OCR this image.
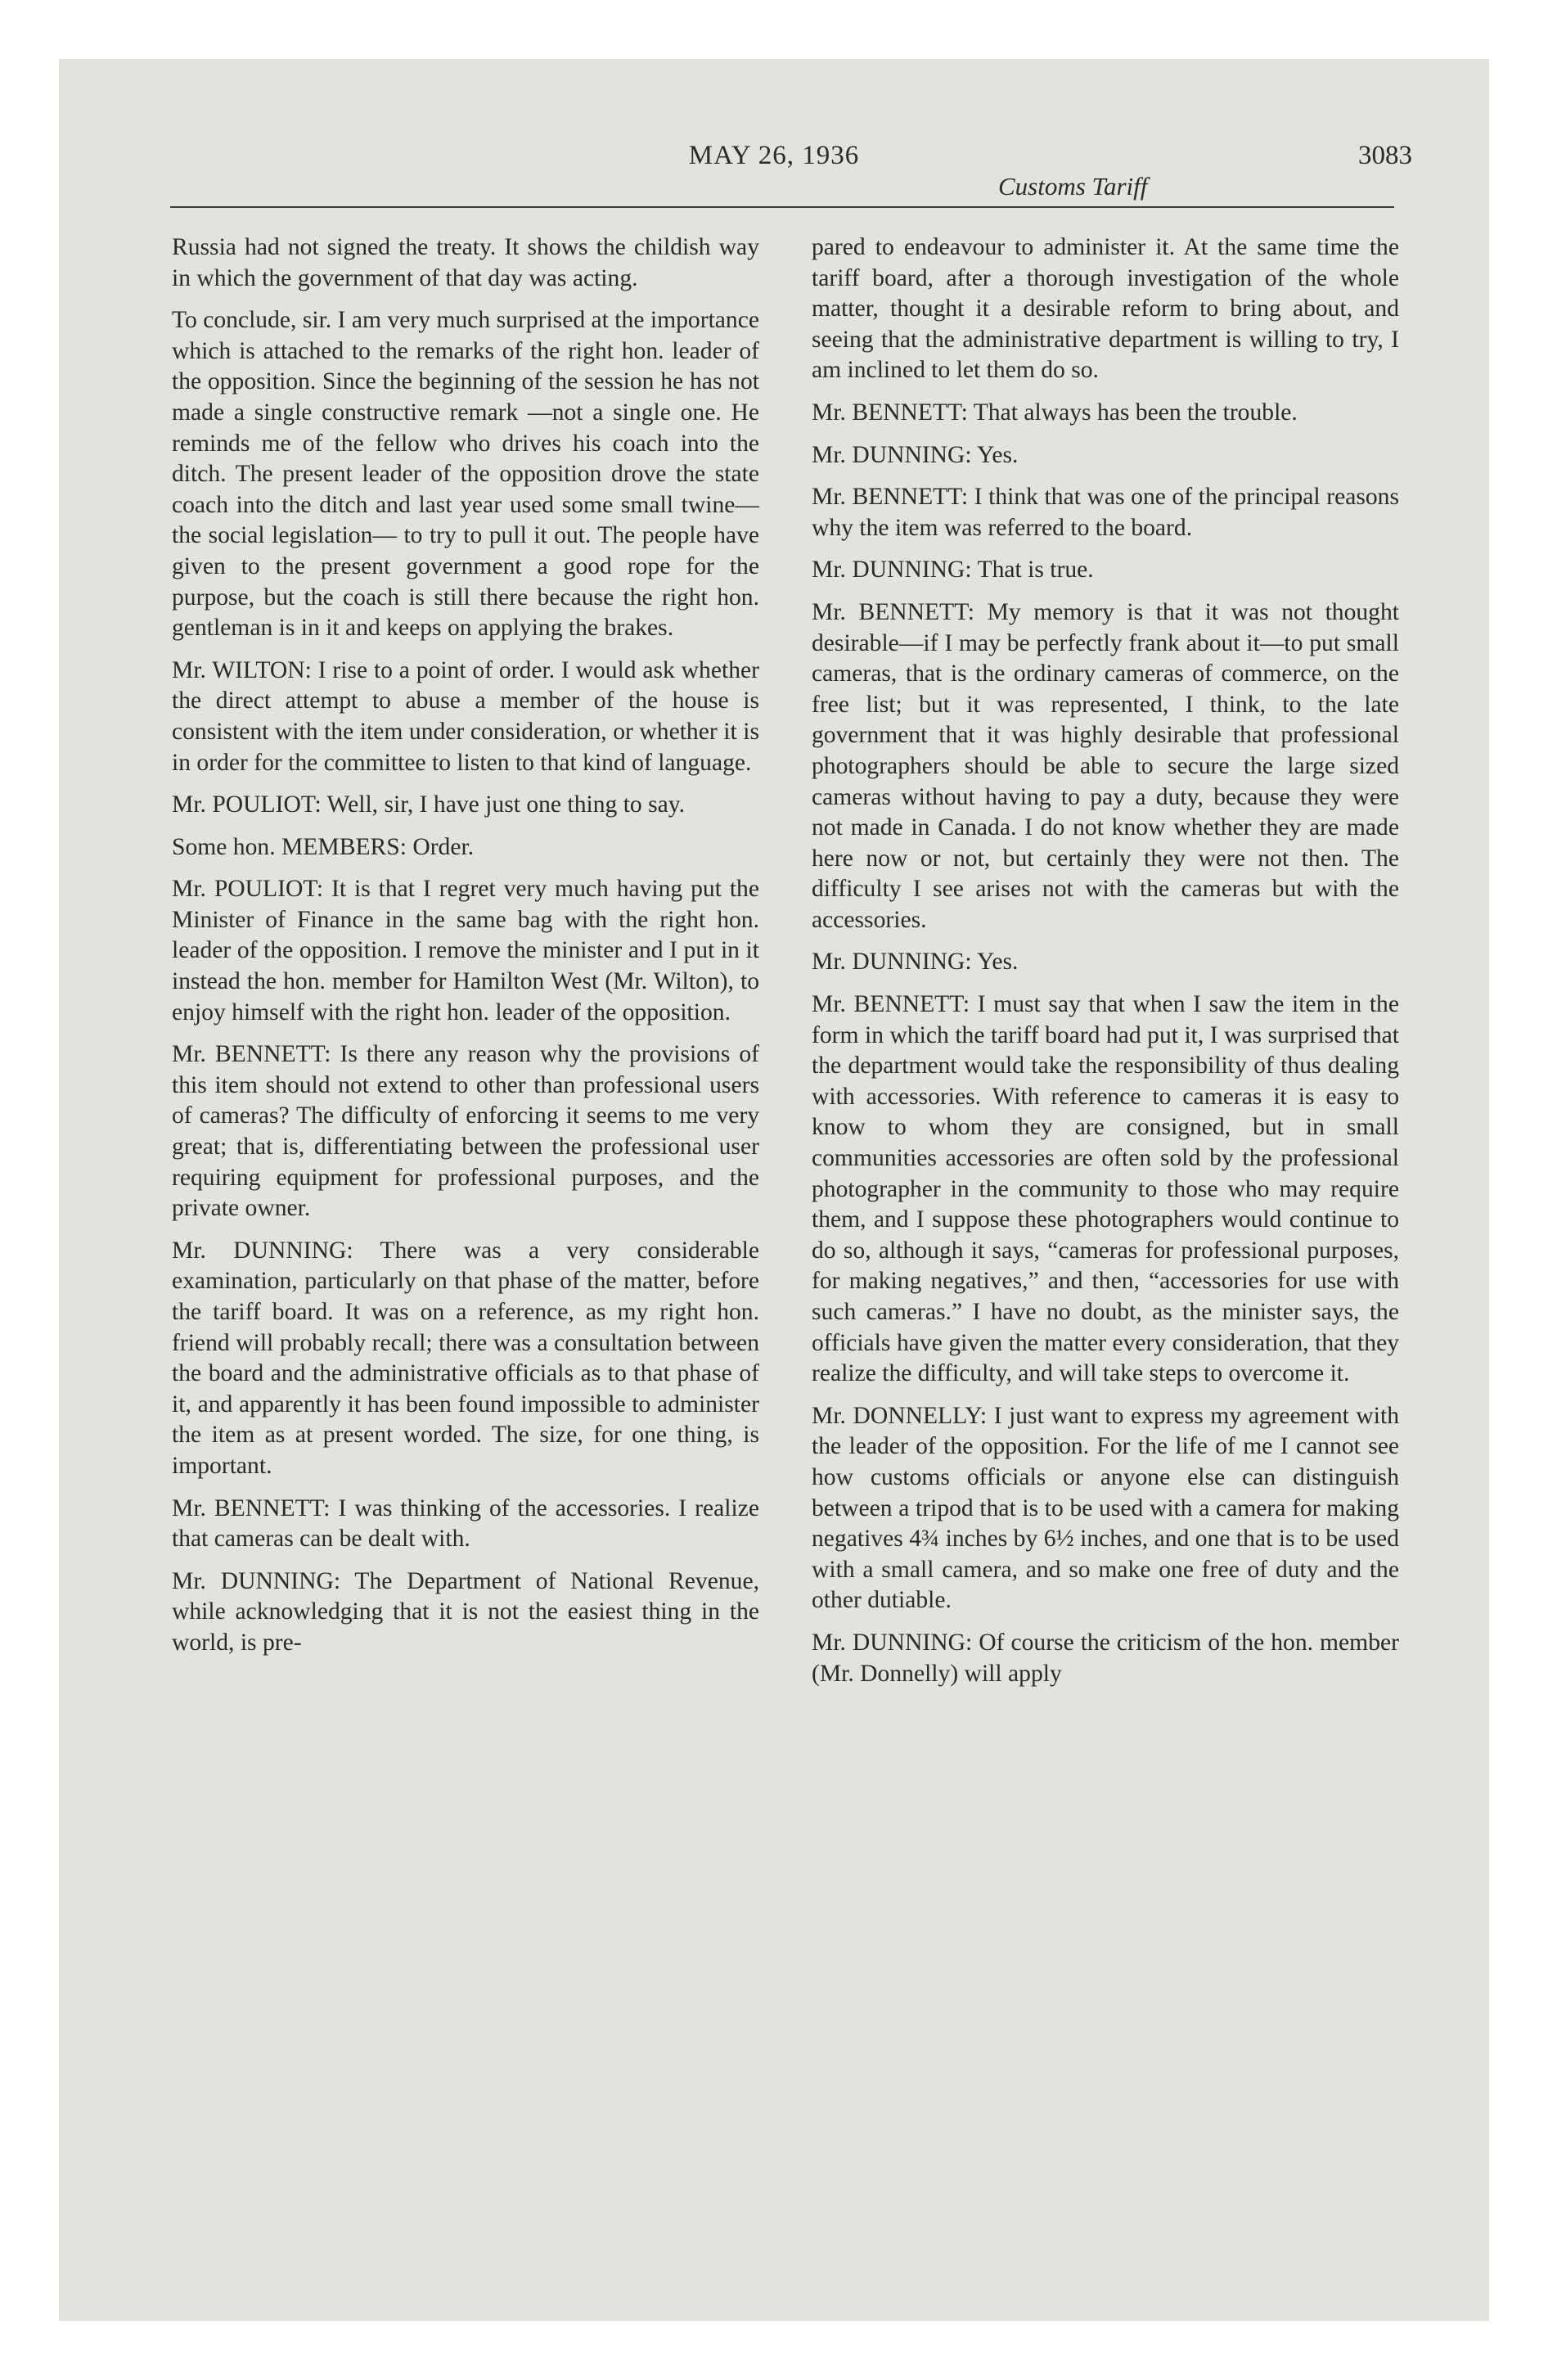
MAY 26, 1936	3083
Customs Tariff

Russia had not signed the treaty. It shows the childish way in which the government of that day was acting.

To conclude, sir. I am very much surprised at the importance which is attached to the remarks of the right hon. leader of the opposition. Since the beginning of the session he has not made a single constructive remark —not a single one. He reminds me of the fellow who drives his coach into the ditch. The present leader of the opposition drove the state coach into the ditch and last year used some small twine—the social legislation— to try to pull it out. The people have given to the present government a good rope for the purpose, but the coach is still there because the right hon. gentleman is in it and keeps on applying the brakes.

Mr. WILTON: I rise to a point of order. I would ask whether the direct attempt to abuse a member of the house is consistent with the item under consideration, or whether it is in order for the committee to listen to that kind of language.

Mr. POULIOT: Well, sir, I have just one thing to say.

Some hon. MEMBERS: Order.

Mr. POULIOT: It is that I regret very much having put the Minister of Finance in the same bag with the right hon. leader of the opposition. I remove the minister and I put in it instead the hon. member for Hamilton West (Mr. Wilton), to enjoy himself with the right hon. leader of the opposition.

Mr. BENNETT: Is there any reason why the provisions of this item should not extend to other than professional users of cameras? The difficulty of enforcing it seems to me very great; that is, differentiating between the professional user requiring equipment for professional purposes, and the private owner.

Mr. DUNNING: There was a very considerable examination, particularly on that phase of the matter, before the tariff board. It was on a reference, as my right hon. friend will probably recall; there was a consultation between the board and the administrative officials as to that phase of it, and apparently it has been found impossible to administer the item as at present worded. The size, for one thing, is important.

Mr. BENNETT: I was thinking of the accessories. I realize that cameras can be dealt with.

Mr. DUNNING: The Department of National Revenue, while acknowledging that it is not the easiest thing in the world, is pre-

pared to endeavour to administer it. At the same time the tariff board, after a thorough investigation of the whole matter, thought it a desirable reform to bring about, and seeing that the administrative department is willing to try, I am inclined to let them do so.

Mr. BENNETT: That always has been the trouble.

Mr. DUNNING: Yes.

Mr. BENNETT: I think that was one of the principal reasons why the item was referred to the board.

Mr. DUNNING: That is true.

Mr. BENNETT: My memory is that it was not thought desirable—if I may be perfectly frank about it—to put small cameras, that is the ordinary cameras of commerce, on the free list; but it was represented, I think, to the late government that it was highly desirable that professional photographers should be able to secure the large sized cameras without having to pay a duty, because they were not made in Canada. I do not know whether they are made here now or not, but certainly they were not then. The difficulty I see arises not with the cameras but with the accessories.

Mr. DUNNING: Yes.

Mr. BENNETT: I must say that when I saw the item in the form in which the tariff board had put it, I was surprised that the department would take the responsibility of thus dealing with accessories. With reference to cameras it is easy to know to whom they are consigned, but in small communities accessories are often sold by the professional photographer in the community to those who may require them, and I suppose these photographers would continue to do so, although it says, “cameras for professional purposes, for making negatives,” and then, “accessories for use with such cameras.” I have no doubt, as the minister says, the officials have given the matter every consideration, that they realize the difficulty, and will take steps to overcome it.

Mr. DONNELLY: I just want to express my agreement with the leader of the opposition. For the life of me I cannot see how customs officials or anyone else can distinguish between a tripod that is to be used with a camera for making negatives 4¾ inches by 6½ inches, and one that is to be used with a small camera, and so make one free of duty and the other dutiable.

Mr. DUNNING: Of course the criticism of the hon. member (Mr. Donnelly) will apply
